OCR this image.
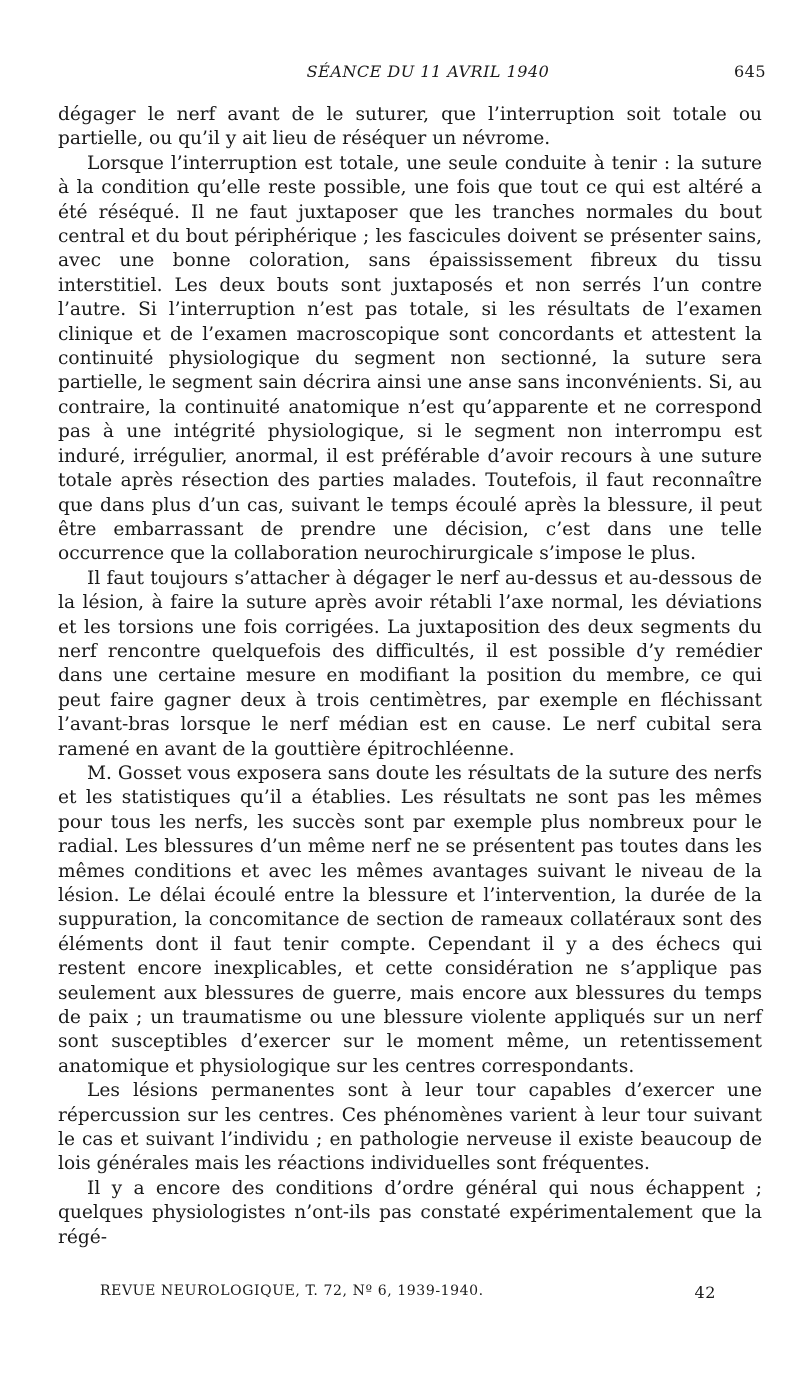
SÉANCE DU 11 AVRIL 1940	645

dégager le nerf avant de le suturer, que l’interruption soit totale ou partielle, ou qu’il y ait lieu de réséquer un névrome.

Lorsque l’interruption est totale, une seule conduite à tenir : la suture à la condition qu’elle reste possible, une fois que tout ce qui est altéré a été réséqué. Il ne faut juxtaposer que les tranches normales du bout central et du bout périphérique ; les fascicules doivent se présenter sains, avec une bonne coloration, sans épaississement fibreux du tissu interstitiel. Les deux bouts sont juxtaposés et non serrés l’un contre l’autre. Si l’interruption n’est pas totale, si les résultats de l’examen clinique et de l’examen macroscopique sont concordants et attestent la continuité physiologique du segment non sectionné, la suture sera partielle, le segment sain décrira ainsi une anse sans inconvénients. Si, au contraire, la continuité anatomique n’est qu’apparente et ne correspond pas à une intégrité physiologique, si le segment non interrompu est induré, irrégulier, anormal, il est préférable d’avoir recours à une suture totale après résection des parties malades. Toutefois, il faut reconnaître que dans plus d’un cas, suivant le temps écoulé après la blessure, il peut être embarrassant de prendre une décision, c’est dans une telle occurrence que la collaboration neurochirurgicale s’impose le plus.

Il faut toujours s’attacher à dégager le nerf au-dessus et au-dessous de la lésion, à faire la suture après avoir rétabli l’axe normal, les déviations et les torsions une fois corrigées. La juxtaposition des deux segments du nerf rencontre quelquefois des difficultés, il est possible d’y remédier dans une certaine mesure en modifiant la position du membre, ce qui peut faire gagner deux à trois centimètres, par exemple en fléchissant l’avant-bras lorsque le nerf médian est en cause. Le nerf cubital sera ramené en avant de la gouttière épitrochléenne.

M. Gosset vous exposera sans doute les résultats de la suture des nerfs et les statistiques qu’il a établies. Les résultats ne sont pas les mêmes pour tous les nerfs, les succès sont par exemple plus nombreux pour le radial. Les blessures d’un même nerf ne se présentent pas toutes dans les mêmes conditions et avec les mêmes avantages suivant le niveau de la lésion. Le délai écoulé entre la blessure et l’intervention, la durée de la suppuration, la concomitance de section de rameaux collatéraux sont des éléments dont il faut tenir compte. Cependant il y a des échecs qui restent encore inexplicables, et cette considération ne s’applique pas seulement aux blessures de guerre, mais encore aux blessures du temps de paix ; un traumatisme ou une blessure violente appliqués sur un nerf sont susceptibles d’exercer sur le moment même, un retentissement anatomique et physiologique sur les centres correspondants.

Les lésions permanentes sont à leur tour capables d’exercer une répercussion sur les centres. Ces phénomènes varient à leur tour suivant le cas et suivant l’individu ; en pathologie nerveuse il existe beaucoup de lois générales mais les réactions individuelles sont fréquentes.

Il y a encore des conditions d’ordre général qui nous échappent ; quelques physiologistes n’ont-ils pas constaté expérimentalement que la régé-

REVUE NEUROLOGIQUE, T. 72, Nº 6, 1939-1940.	42
